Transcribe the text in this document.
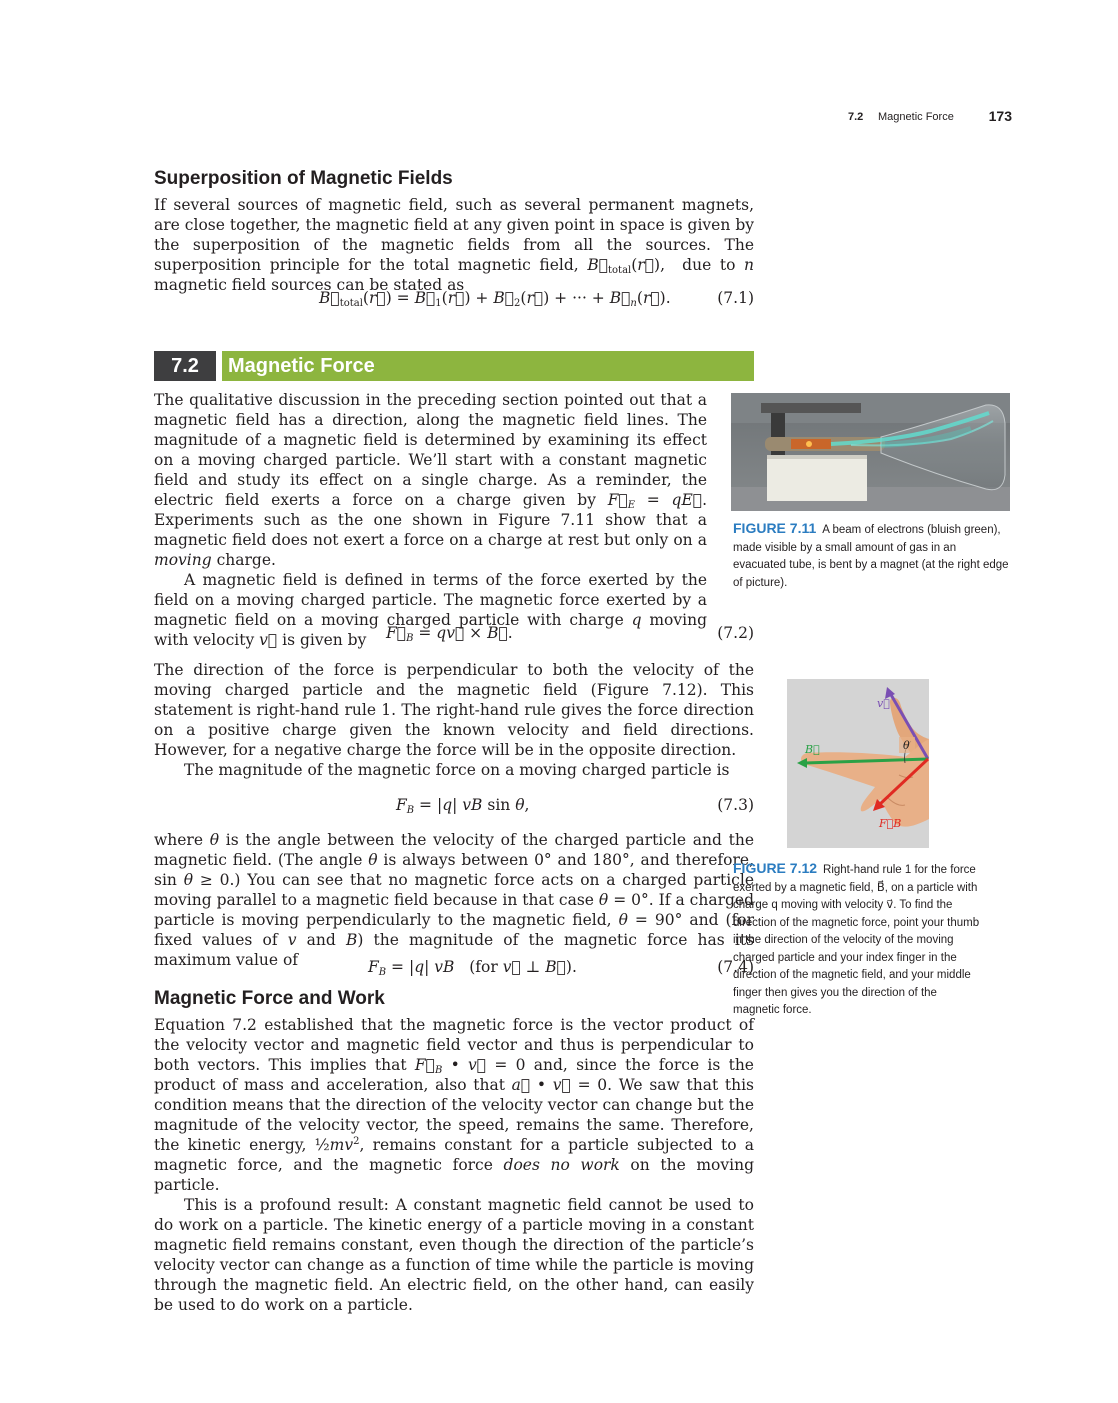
7.2 Magnetic Force 173
Superposition of Magnetic Fields

If several sources of magnetic field, such as several permanent magnets, are close together, the magnetic field at any given point in space is given by the superposition of the magnetic fields from all the sources. The superposition principle for the total magnetic field, $B⃗_{total}(r⃗)$,  due to n magnetic field sources can be stated as

$B⃗_{total}(r⃗)$ = $B⃗_1(r⃗)$ + $B⃗_2(r⃗)$ + ··· + $B⃗_n(r⃗)$.	(7.1)
7.2	Magnetic Force

The qualitative discussion in the preceding section pointed out that a magnetic field has a direction, along the magnetic field lines. The magnitude of a magnetic field is determined by examining its effect on a moving charged particle. We’ll start with a constant magnetic field and study its effect on a single charge. As a reminder, the electric field exerts a force on a charge given by $F⃗_E$ = qE⃗. Experiments such as the one shown in Figure 7.11 show that a magnetic field does not exert a force on a charge at rest but only on a moving charge.

A magnetic field is defined in terms of the force exerted by the field on a moving charged particle. The magnetic force exerted by a magnetic field on a moving charged particle with charge q moving with velocity v⃗ is given by	$F⃗_B$ = qv⃗ × B⃗.	(7.2)

The direction of the force is perpendicular to both the velocity of the moving charged particle and the magnetic field (Figure 7.12). This statement is right-hand rule 1. The right-hand rule gives the force direction on a positive charge given the known velocity and field directions. However, for a negative charge the force will be in the opposite direction.

The magnitude of the magnetic force on a moving charged particle is

$F_B = |q|$ vB sin θ,	(7.3)

where θ is the angle between the velocity of the charged particle and the magnetic field. (The angle θ is always between 0° and 180°, and therefore, sin θ ≥ 0.) You can see that no magnetic force acts on a charged particle moving parallel to a magnetic field because in that case θ = 0°. If a charged particle is moving perpendicularly to the magnetic field, θ = 90° and (for fixed values of v and B) the magnitude of the magnetic force has its maximum value of	$F_B = |q|$ vB   (for v⃗ ⊥ B⃗).	(7.4)
Magnetic Force and Work

Equation 7.2 established that the magnetic force is the vector product of the velocity vector and magnetic field vector and thus is perpendicular to both vectors. This implies that $F⃗_B$ • v⃗ = 0 and, since the force is the product of mass and acceleration, also that a⃗ • v⃗ = 0. We saw that this condition means that the direction of the velocity vector can change but the magnitude of the velocity vector, the speed, remains the same. Therefore, the kinetic energy, $\frac{1}{2}mv^2$, remains constant for a particle subjected to a magnetic force, and the magnetic force does no work on the moving particle.

This is a profound result: A constant magnetic field cannot be used to do work on a particle. The kinetic energy of a particle moving in a constant magnetic field remains constant, even though the direction of the particle’s velocity vector can change as a function of time while the particle is moving through the magnetic field. An electric field, on the other hand, can easily be used to do work on a particle.

FIGURE 7.11 A beam of electrons (bluish green), made visible by a small amount of gas in an evacuated tube, is bent by a magnet (at the right edge of picture).
θ
v⃗
B⃗
F⃗B
FIGURE 7.12 Right-hand rule 1 for the force exerted by a magnetic field, B⃗, on a particle with charge q moving with velocity v⃗. To find the direction of the magnetic force, point your thumb in the direction of the velocity of the moving charged particle and your index finger in the direction of the magnetic field, and your middle finger then gives you the direction of the magnetic force.
